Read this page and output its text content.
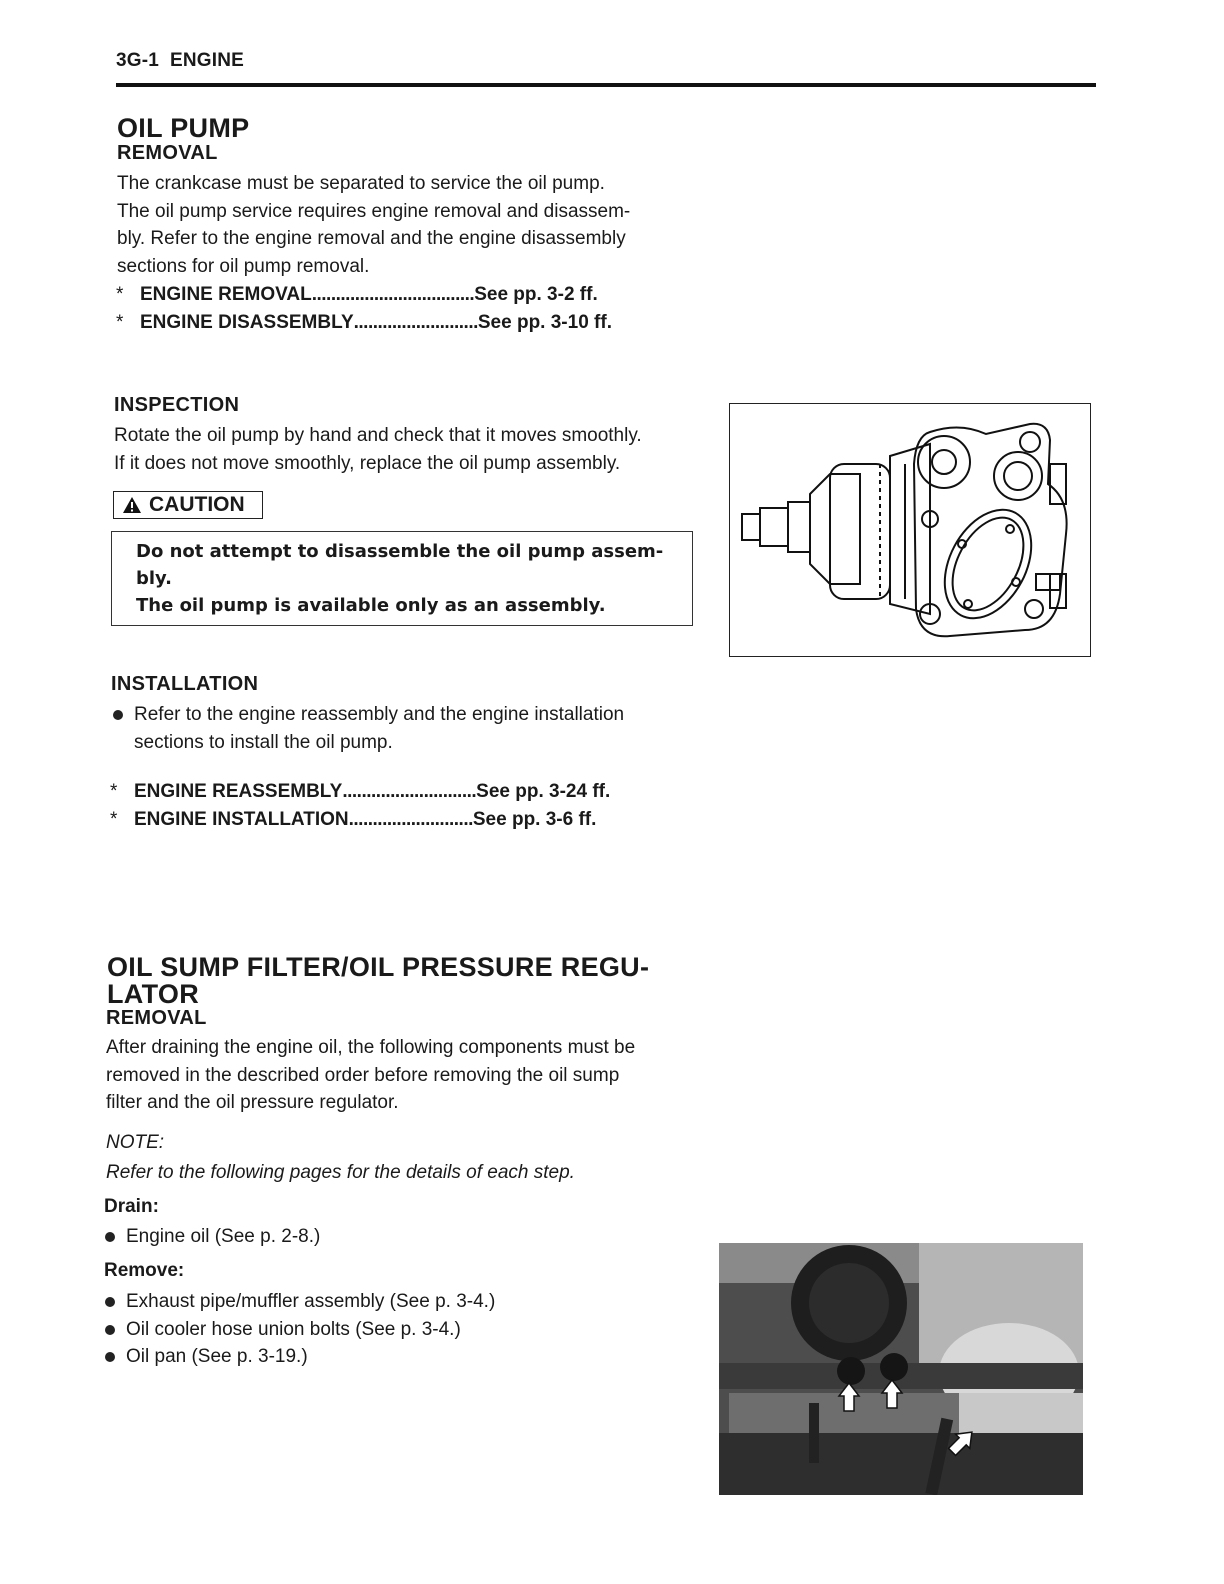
3G-1  ENGINE
OIL PUMP
REMOVAL

The crankcase must be separated to service the oil pump.

The oil pump service requires engine removal and disassem-

bly. Refer to the engine removal and the engine disassembly

sections for oil pump removal.

* ENGINE REMOVAL .................................. See pp. 3-2 ff.
* ENGINE DISASSEMBLY .......................... See pp. 3-10 ff.
INSPECTION

Rotate the oil pump by hand and check that it moves smoothly.

If it does not move smoothly, replace the oil pump assembly.

CAUTION

Do not attempt to disassemble the oil pump assem-

bly.

The oil pump is available only as an assembly.

INSTALLATION
Refer to the engine reassembly and the engine installation
sections to install the oil pump.
* ENGINE REASSEMBLY ............................ See pp. 3-24 ff.
* ENGINE INSTALLATION .......................... See pp. 3-6 ff.
OIL SUMP FILTER/OIL PRESSURE REGU-
LATOR
REMOVAL

After draining the engine oil, the following components must be

removed in the described order before removing the oil sump

filter and the oil pressure regulator.

NOTE:
Refer to the following pages for the details of each step.
Drain:
Engine oil (See p. 2-8.)
Remove:
Exhaust pipe/muffler assembly (See p. 3-4.)
Oil cooler hose union bolts (See p. 3-4.)
Oil pan (See p. 3-19.)
